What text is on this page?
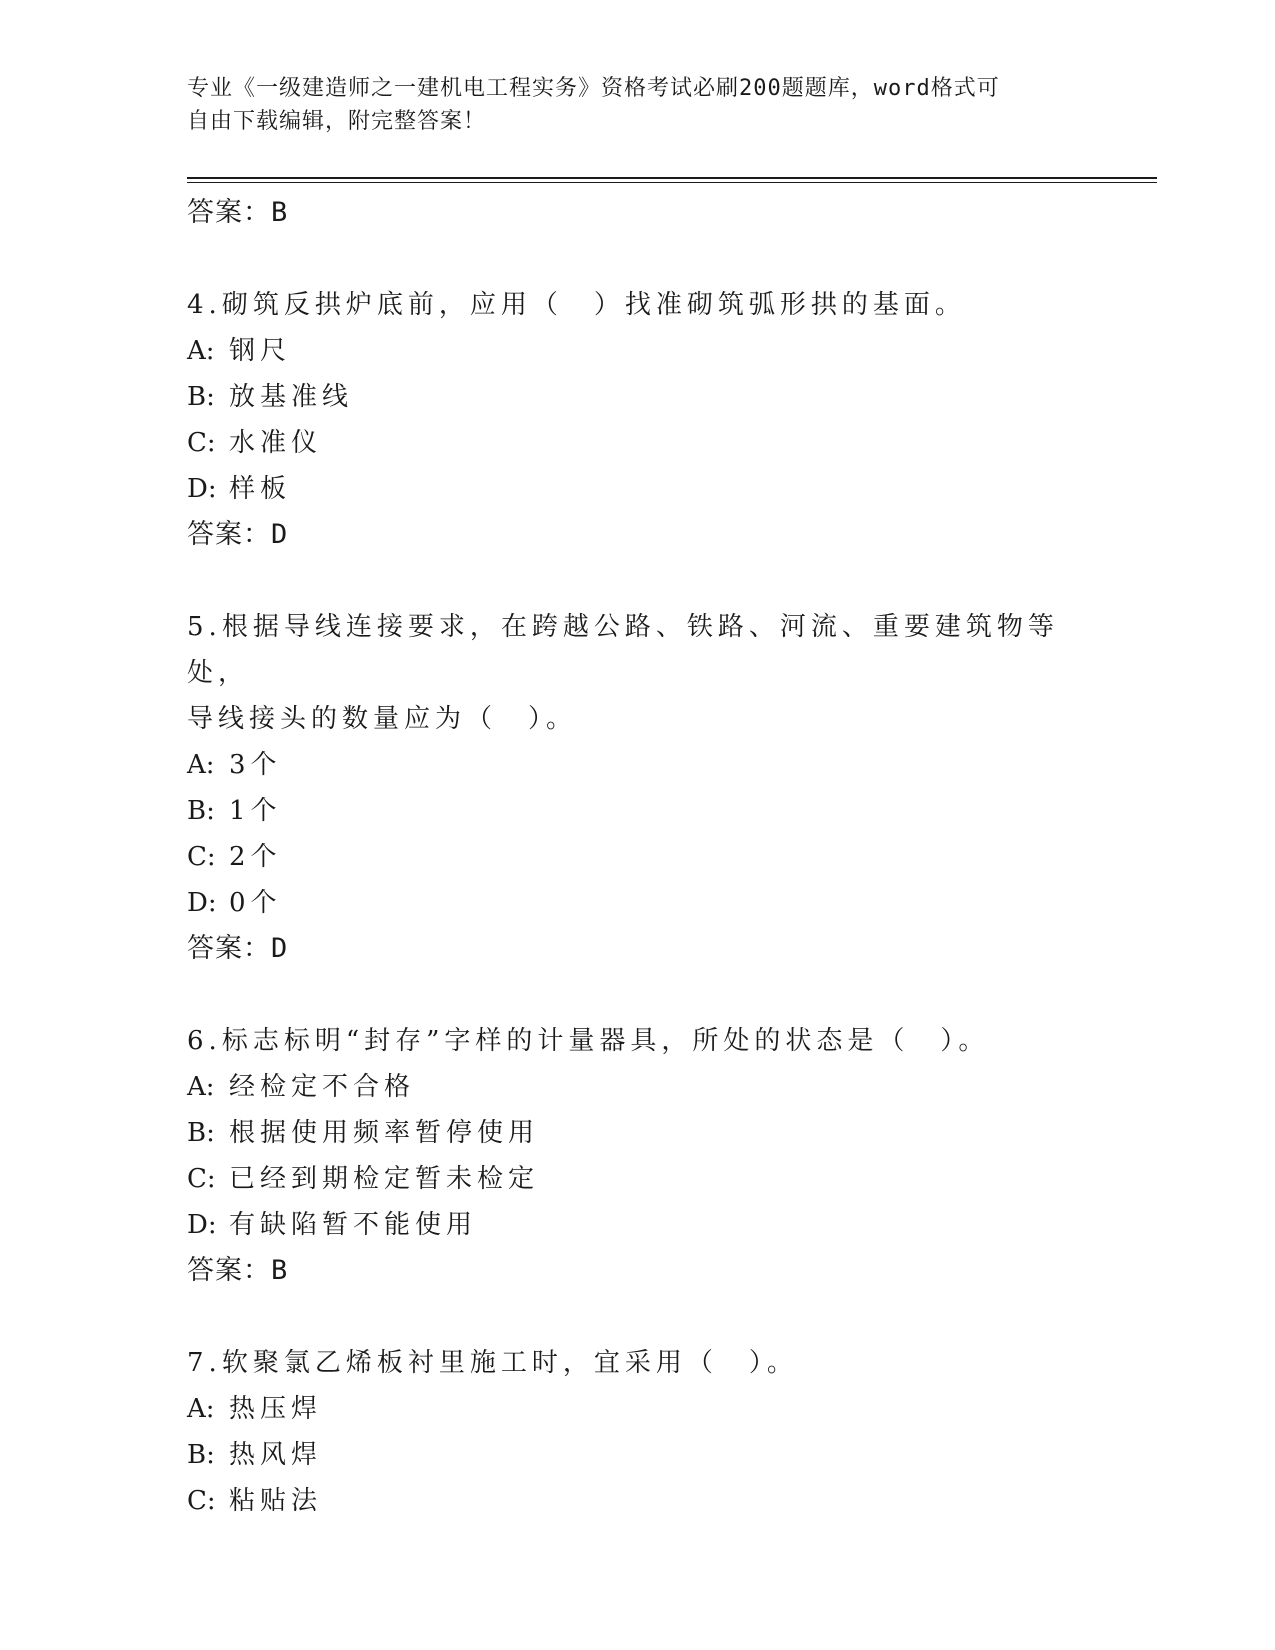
专业《一级建造师之一建机电工程实务》资格考试必刷200题题库，word格式可
自由下载编辑，附完整答案！
答案：B
4.砌筑反拱炉底前，应用（　）找准砌筑弧形拱的基面。
A: 钢尺
B: 放基准线
C: 水准仪
D: 样板
答案：D
5.根据导线连接要求，在跨越公路、铁路、河流、重要建筑物等处，
导线接头的数量应为（　）。
A: 3个
B: 1个
C: 2个
D: 0个
答案：D
6.标志标明“封存”字样的计量器具，所处的状态是（　）。
A: 经检定不合格
B: 根据使用频率暂停使用
C: 已经到期检定暂未检定
D: 有缺陷暂不能使用
答案：B
7.软聚氯乙烯板衬里施工时，宜采用（　）。
A: 热压焊
B: 热风焊
C: 粘贴法
